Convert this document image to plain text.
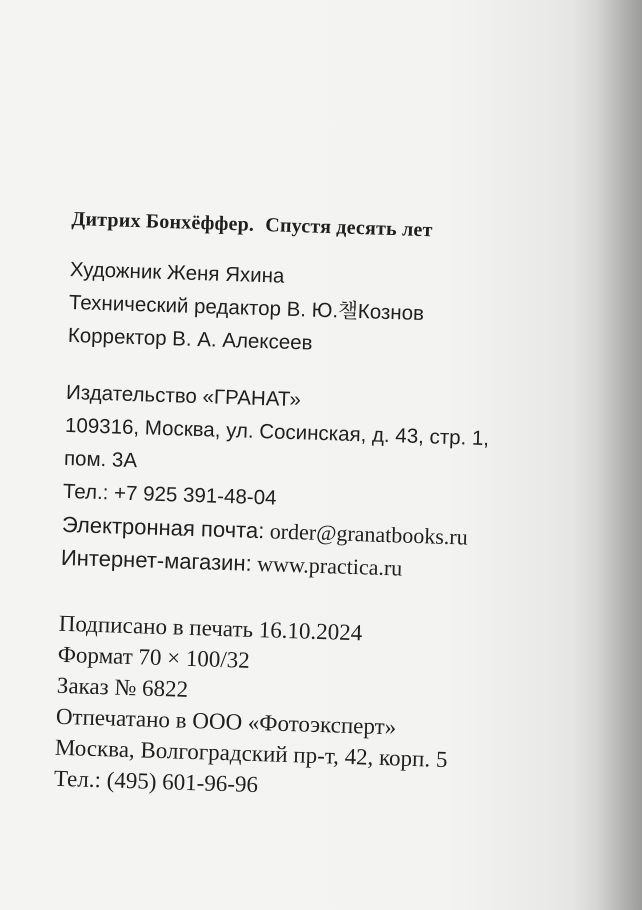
Дитрих Бонхёффер. Спустя десять лет

Художник Женя Яхина

Технический редактор В. Ю.챌Кознов

Корректор В. А. Алексеев

Издательство «ГРАНАТ»

109316, Москва, ул. Сосинская, д. 43, стр. 1,

пом. 3А

Тел.: +7 925 391-48-04

Электронная почта: order@granatbooks.ru

Интернет-магазин: www.practica.ru

Подписано в печать 16.10.2024

Формат 70 × 100/32

Заказ № 6822

Отпечатано в ООО «Фотоэксперт»

Москва, Волгоградский пр-т, 42, корп. 5

Тел.: (495) 601-96-96
